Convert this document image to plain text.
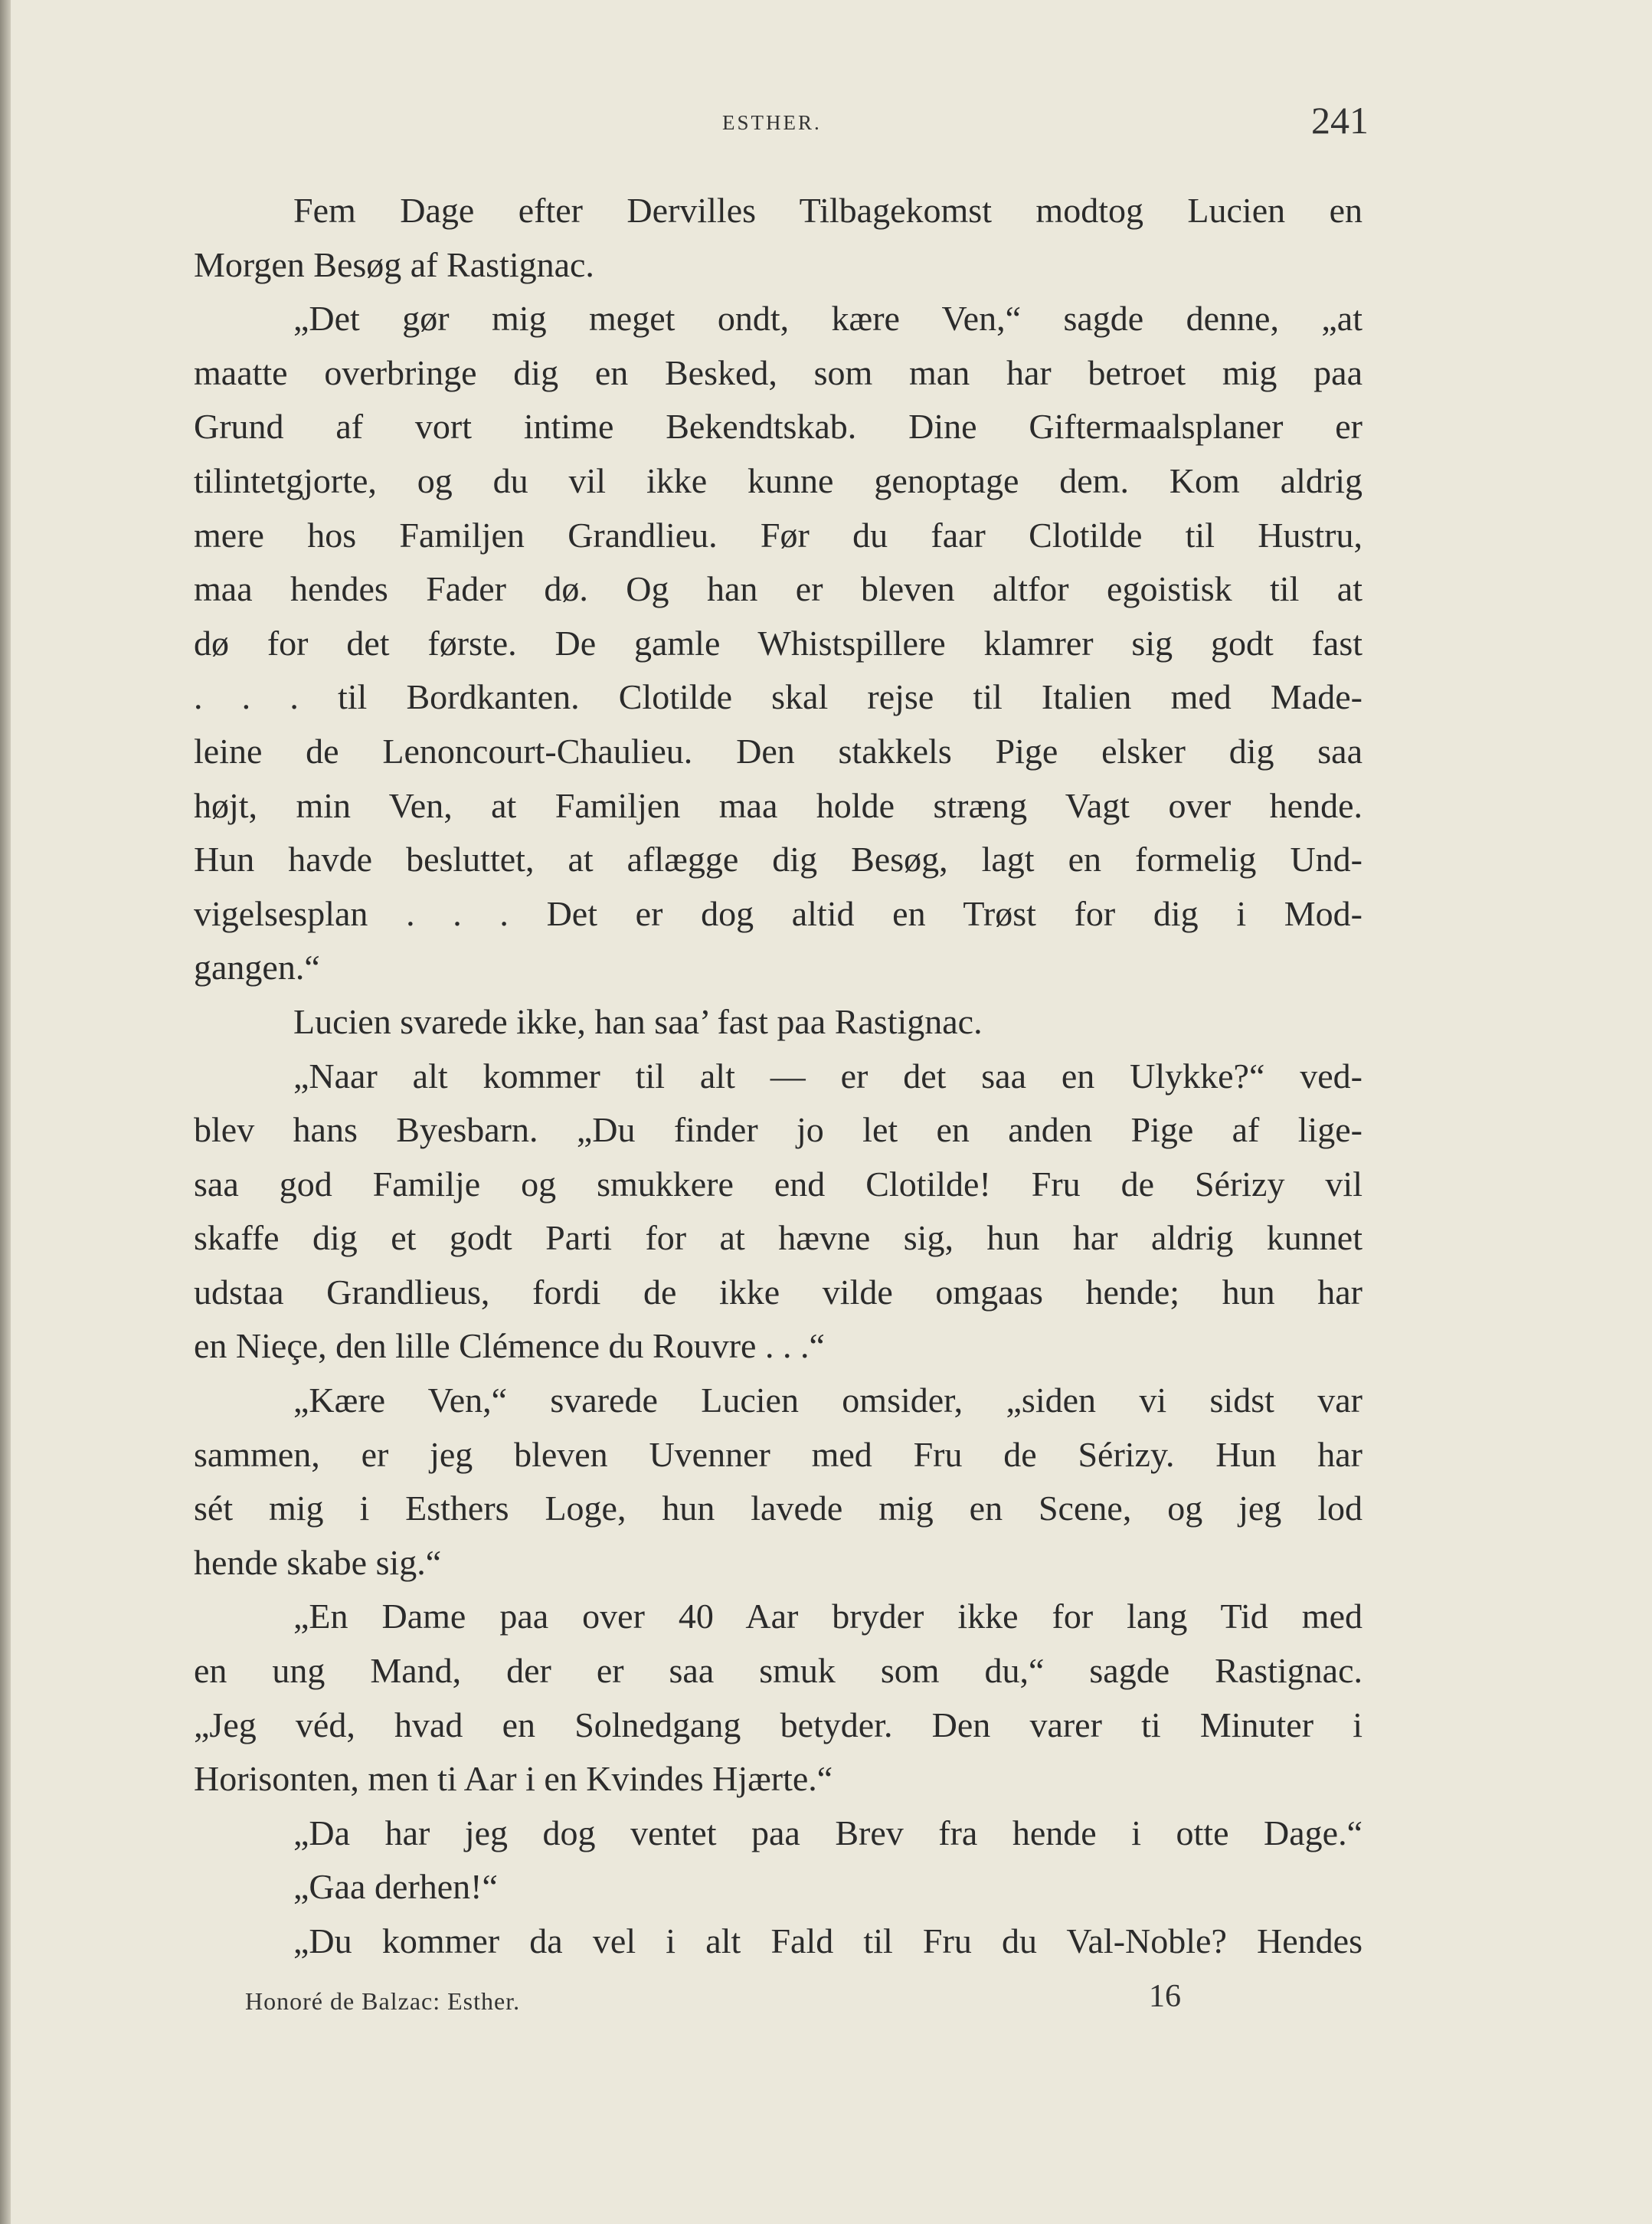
ESTHER.	241
Fem Dage efter Dervilles Tilbagekomst modtog Lucien en
Morgen Besøg af Rastignac.
„Det gør mig meget ondt, kære Ven,“ sagde denne, „at
maatte overbringe dig en Besked, som man har betroet mig paa
Grund af vort intime Bekendtskab. Dine Giftermaalsplaner er
tilintetgjorte, og du vil ikke kunne genoptage dem. Kom aldrig
mere hos Familjen Grandlieu. Før du faar Clotilde til Hustru,
maa hendes Fader dø. Og han er bleven altfor egoistisk til at
dø for det første. De gamle Whistspillere klamrer sig godt fast
. . . til Bordkanten. Clotilde skal rejse til Italien med Made-
leine de Lenoncourt-Chaulieu. Den stakkels Pige elsker dig saa
højt, min Ven, at Familjen maa holde stræng Vagt over hende.
Hun havde besluttet, at aflægge dig Besøg, lagt en formelig Und-
vigelsesplan . . . Det er dog altid en Trøst for dig i Mod-
gangen.“
Lucien svarede ikke, han saa’ fast paa Rastignac.
„Naar alt kommer til alt — er det saa en Ulykke?“ ved-
blev hans Byesbarn. „Du finder jo let en anden Pige af lige-
saa god Familje og smukkere end Clotilde! Fru de Sérizy vil
skaffe dig et godt Parti for at hævne sig, hun har aldrig kunnet
udstaa Grandlieus, fordi de ikke vilde omgaas hende; hun har
en Nieçe, den lille Clémence du Rouvre . . .“
„Kære Ven,“ svarede Lucien omsider, „siden vi sidst var
sammen, er jeg bleven Uvenner med Fru de Sérizy. Hun har
sét mig i Esthers Loge, hun lavede mig en Scene, og jeg lod
hende skabe sig.“
„En Dame paa over 40 Aar bryder ikke for lang Tid med
en ung Mand, der er saa smuk som du,“ sagde Rastignac.
„Jeg véd, hvad en Solnedgang betyder. Den varer ti Minuter i
Horisonten, men ti Aar i en Kvindes Hjærte.“
„Da har jeg dog ventet paa Brev fra hende i otte Dage.“
„Gaa derhen!“
„Du kommer da vel i alt Fald til Fru du Val-Noble? Hendes
Honoré de Balzac: Esther.	16
